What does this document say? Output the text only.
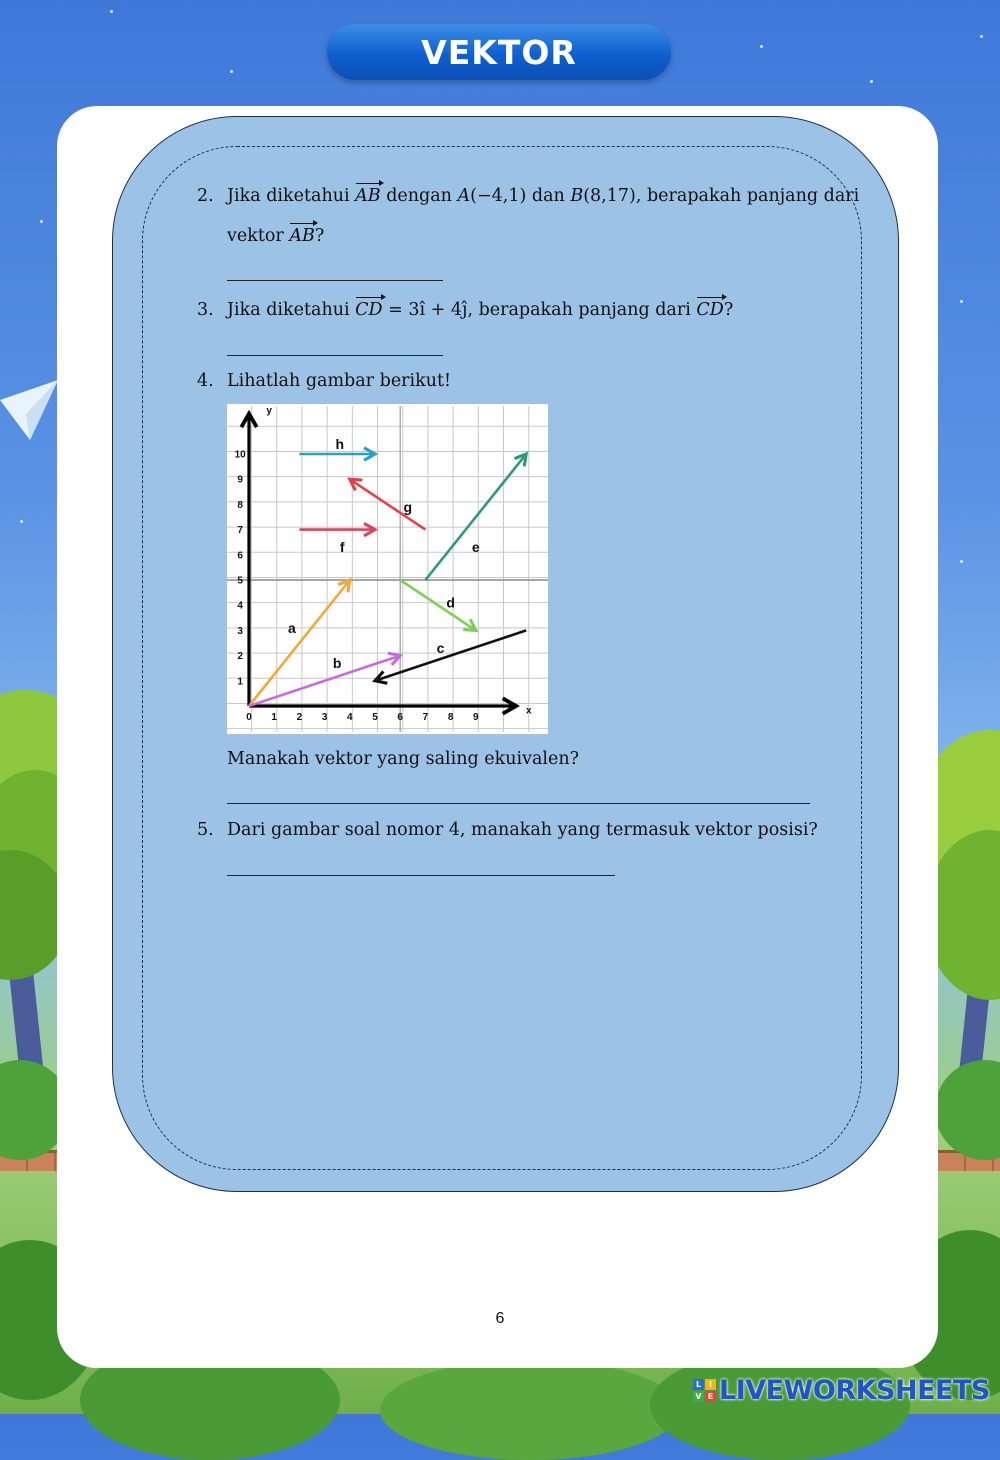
VEKTOR
2. Jika diketahui AB dengan A(−4,1) dan B(8,17), berapakah panjang dari
vektor AB?
3. Jika diketahui CD = 3î + 4ĵ, berapakah panjang dari CD?
4. Lihatlah gambar berikut!
x
y
0 1 2 3 4 5 6 7 8 9
1
2
3
4
5
6
7
8
9
10
a
b
c
d
e
f
g
h
Manakah vektor yang saling ekuivalen?
5. Dari gambar soal nomor 4, manakah yang termasuk vektor posisi?
6
L I
V E LIVEWORKSHEETS
